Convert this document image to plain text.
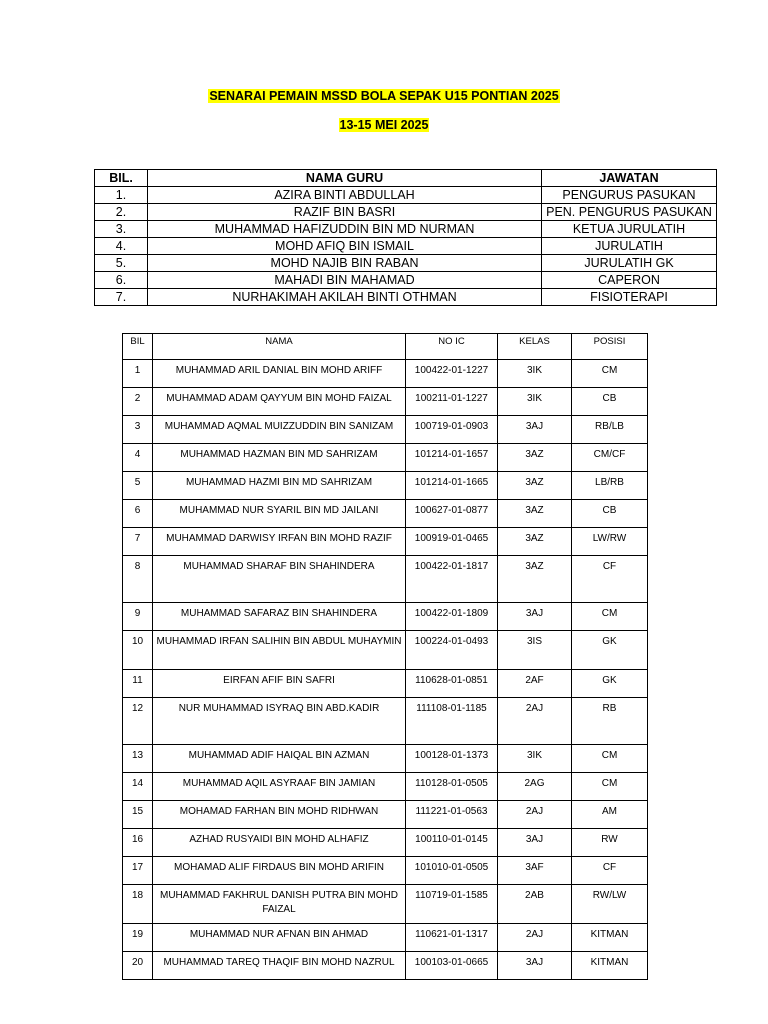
SENARAI PEMAIN MSSD BOLA SEPAK U15 PONTIAN 2025
13-15 MEI 2025
BIL.	NAMA GURU	JAWATAN
1.	AZIRA BINTI ABDULLAH	PENGURUS PASUKAN
2.	RAZIF BIN BASRI	PEN. PENGURUS PASUKAN
3.	MUHAMMAD HAFIZUDDIN BIN MD NURMAN	KETUA JURULATIH
4.	MOHD AFIQ BIN ISMAIL	JURULATIH
5.	MOHD NAJIB BIN RABAN	JURULATIH GK
6.	MAHADI BIN MAHAMAD	CAPERON
7.	NURHAKIMAH AKILAH BINTI OTHMAN	FISIOTERAPI
BIL	NAMA	NO IC	KELAS	POSISI
1	MUHAMMAD ARIL DANIAL BIN MOHD ARIFF	100422-01-1227	3IK	CM
2	MUHAMMAD ADAM QAYYUM BIN MOHD FAIZAL	100211-01-1227	3IK	CB
3	MUHAMMAD AQMAL MUIZZUDDIN BIN SANIZAM	100719-01-0903	3AJ	RB/LB
4	MUHAMMAD HAZMAN BIN MD SAHRIZAM	101214-01-1657	3AZ	CM/CF
5	MUHAMMAD HAZMI BIN MD SAHRIZAM	101214-01-1665	3AZ	LB/RB
6	MUHAMMAD NUR SYARIL BIN MD JAILANI	100627-01-0877	3AZ	CB
7	MUHAMMAD DARWISY IRFAN BIN MOHD RAZIF	100919-01-0465	3AZ	LW/RW
8	MUHAMMAD SHARAF BIN SHAHINDERA	100422-01-1817	3AZ	CF
9	MUHAMMAD SAFARAZ BIN SHAHINDERA	100422-01-1809	3AJ	CM
10	MUHAMMAD IRFAN SALIHIN BIN ABDUL MUHAYMIN	100224-01-0493	3IS	GK
11	EIRFAN AFIF BIN SAFRI	110628-01-0851	2AF	GK
12	NUR MUHAMMAD ISYRAQ BIN ABD.KADIR	111108-01-1185	2AJ	RB
13	MUHAMMAD ADIF HAIQAL BIN AZMAN	100128-01-1373	3IK	CM
14	MUHAMMAD AQIL ASYRAAF BIN JAMIAN	110128-01-0505	2AG	CM
15	MOHAMAD FARHAN BIN MOHD RIDHWAN	111221-01-0563	2AJ	AM
16	AZHAD RUSYAIDI BIN MOHD ALHAFIZ	100110-01-0145	3AJ	RW
17	MOHAMAD ALIF FIRDAUS BIN MOHD ARIFIN	101010-01-0505	3AF	CF
18	MUHAMMAD FAKHRUL DANISH PUTRA BIN MOHD FAIZAL	110719-01-1585	2AB	RW/LW
19	MUHAMMAD NUR AFNAN BIN AHMAD	110621-01-1317	2AJ	KITMAN
20	MUHAMMAD TAREQ THAQIF BIN MOHD NAZRUL	100103-01-0665	3AJ	KITMAN
